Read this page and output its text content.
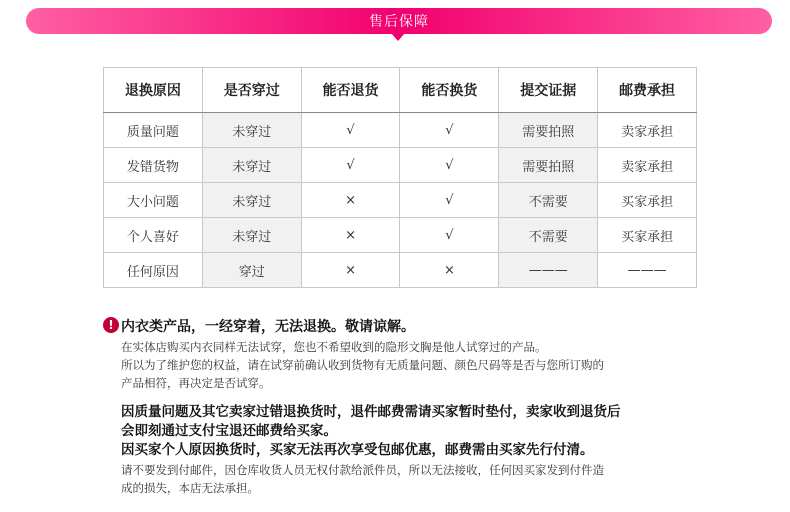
售后保障
退换原因	是否穿过	能否退货	能否换货	提交证据	邮费承担
质量问题	未穿过	√	√	需要拍照	卖家承担
发错货物	未穿过	√	√	需要拍照	卖家承担
大小问题	未穿过	×	√	不需要	买家承担
个人喜好	未穿过	×	√	不需要	买家承担
任何原因	穿过	×	×	———	———
! 内衣类产品，一经穿着，无法退换。敬请谅解。
在实体店购买内衣同样无法试穿，您也不希望收到的隐形文胸是他人试穿过的产品。
所以为了维护您的权益，请在试穿前确认收到货物有无质量问题、颜色尺码等是否与您所订购的
产品相符，再决定是否试穿。
因质量问题及其它卖家过错退换货时，退件邮费需请买家暂时垫付，卖家收到退货后
会即刻通过支付宝退还邮费给买家。
因买家个人原因换货时，买家无法再次享受包邮优惠，邮费需由买家先行付清。
请不要发到付邮件，因仓库收货人员无权付款给派件员，所以无法接收，任何因买家发到付件造
成的损失，本店无法承担。
